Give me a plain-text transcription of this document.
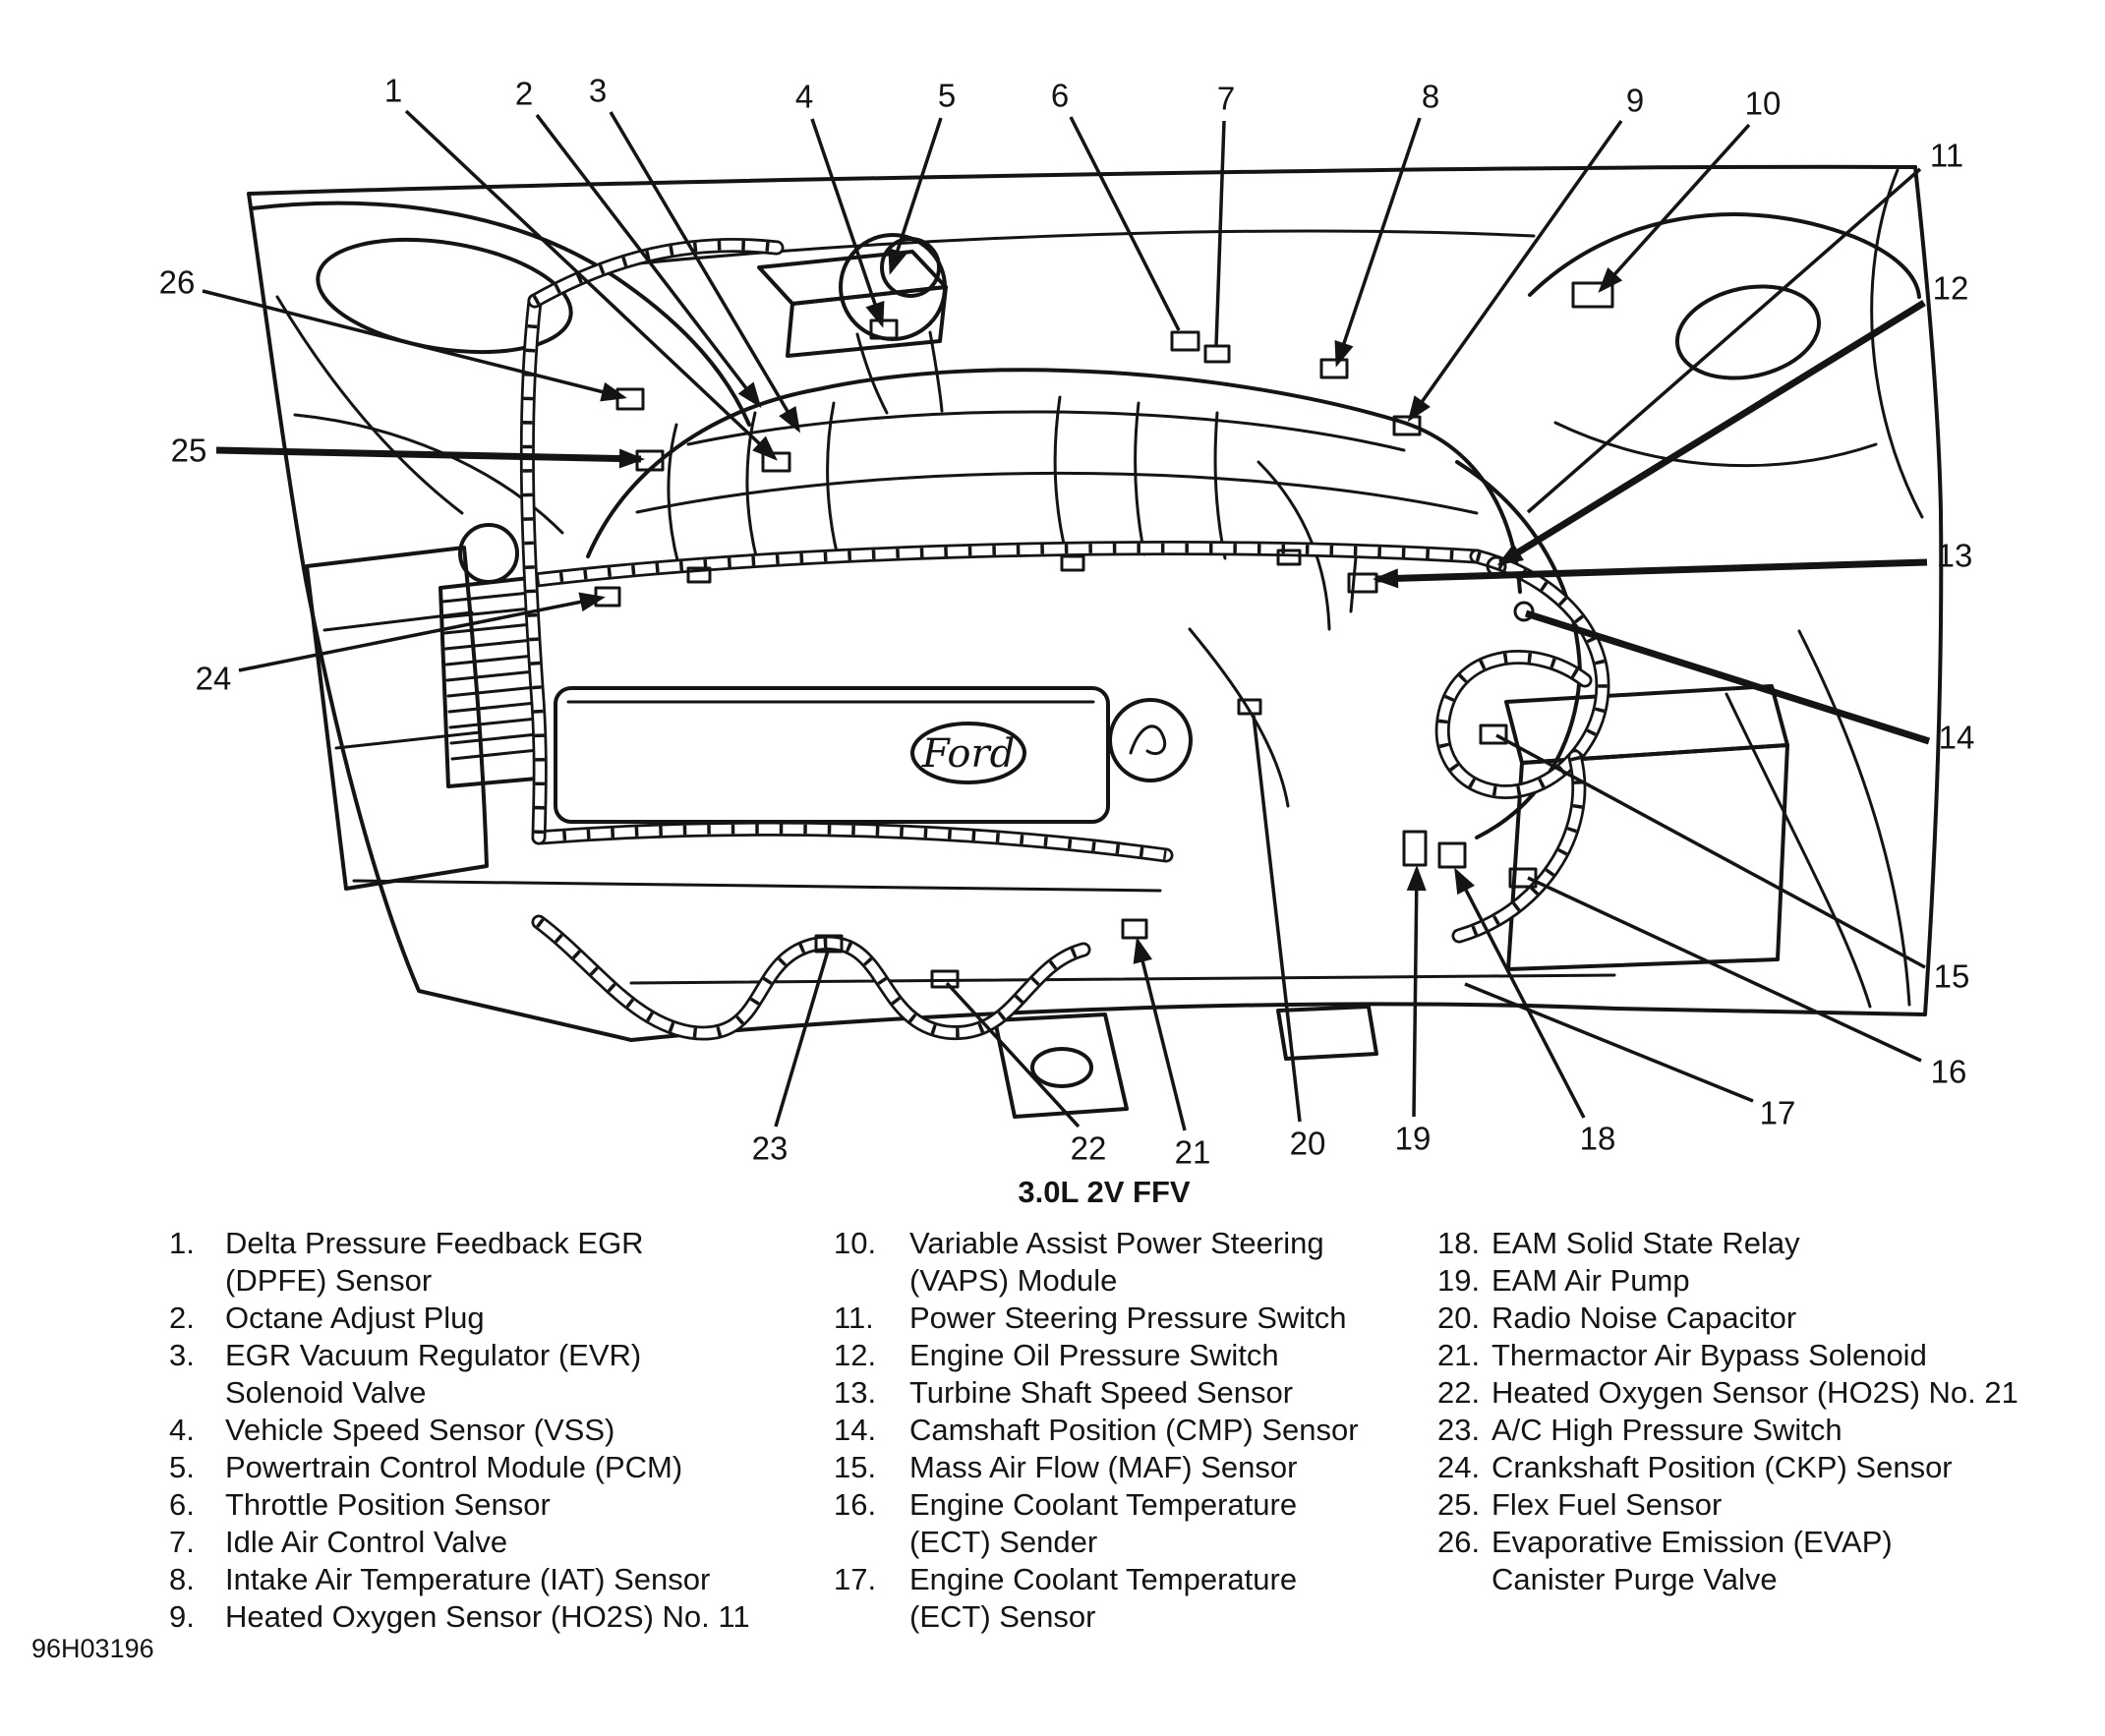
Ford
1	2 3	4	5	6	7	8	9	10
11
12
13
14
15
16
17
18
19
20
21
22
23
24
25
26
3.0L 2V FFV
1.	Delta Pressure Feedback EGR
(DPFE) Sensor
2.	Octane Adjust Plug
3.	EGR Vacuum Regulator (EVR)
Solenoid Valve
4.	Vehicle Speed Sensor (VSS)
5.	Powertrain Control Module (PCM)
6.	Throttle Position Sensor
7.	Idle Air Control Valve
8.	Intake Air Temperature (IAT) Sensor
9.	Heated Oxygen Sensor (HO2S) No. 11
10.	Variable Assist Power Steering
(VAPS) Module
11.	Power Steering Pressure Switch
12.	Engine Oil Pressure Switch
13.	Turbine Shaft Speed Sensor
14.	Camshaft Position (CMP) Sensor
15.	Mass Air Flow (MAF) Sensor
16.	Engine Coolant Temperature
(ECT) Sender
17.	Engine Coolant Temperature
(ECT) Sensor
18. EAM Solid State Relay
19. EAM Air Pump
20. Radio Noise Capacitor
21. Thermactor Air Bypass Solenoid
22. Heated Oxygen Sensor (HO2S) No. 21
23. A/C High Pressure Switch
24. Crankshaft Position (CKP) Sensor
25. Flex Fuel Sensor
26. Evaporative Emission (EVAP)
Canister Purge Valve
96H03196
